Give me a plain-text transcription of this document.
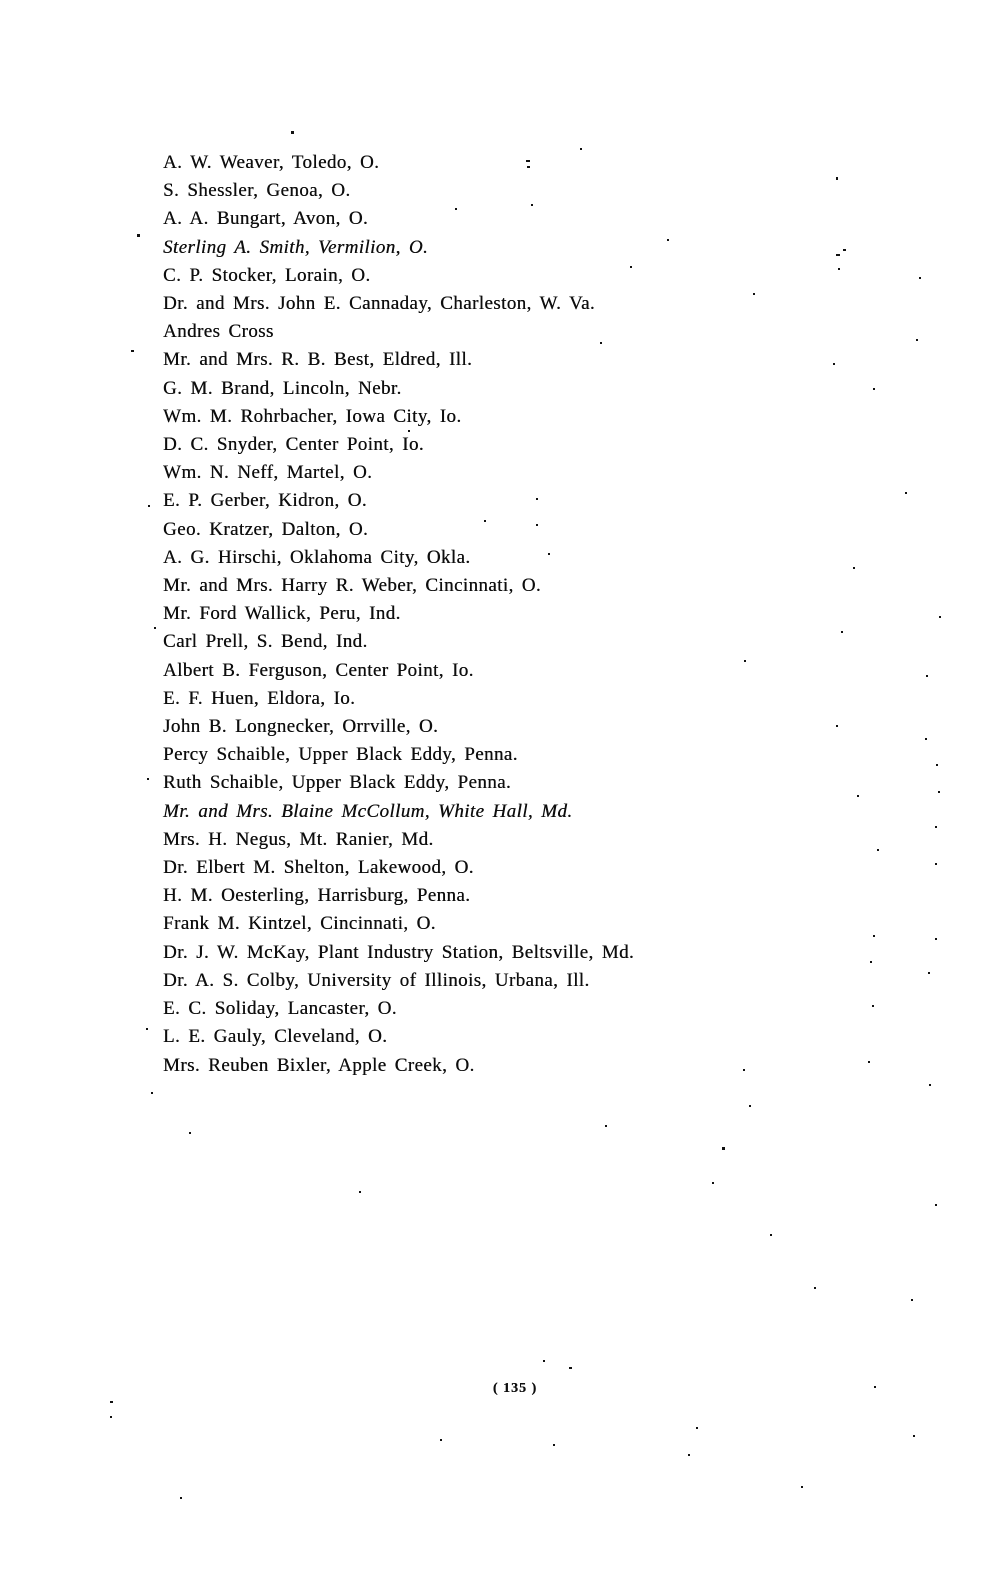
A. W. Weaver, Toledo, O.
S. Shessler, Genoa, O.
A. A. Bungart, Avon, O.
Sterling A. Smith, Vermilion, O.
C. P. Stocker, Lorain, O.
Dr. and Mrs. John E. Cannaday, Charleston, W. Va.
Andres Cross
Mr. and Mrs. R. B. Best, Eldred, Ill.
G. M. Brand, Lincoln, Nebr.
Wm. M. Rohrbacher, Iowa City, Io.
D. C. Snyder, Center Point, Io.
Wm. N. Neff, Martel, O.
E. P. Gerber, Kidron, O.
Geo. Kratzer, Dalton, O.
A. G. Hirschi, Oklahoma City, Okla.
Mr. and Mrs. Harry R. Weber, Cincinnati, O.
Mr. Ford Wallick, Peru, Ind.
Carl Prell, S. Bend, Ind.
Albert B. Ferguson, Center Point, Io.
E. F. Huen, Eldora, Io.
John B. Longnecker, Orrville, O.
Percy Schaible, Upper Black Eddy, Penna.
Ruth Schaible, Upper Black Eddy, Penna.
Mr. and Mrs. Blaine McCollum, White Hall, Md.
Mrs. H. Negus, Mt. Ranier, Md.
Dr. Elbert M. Shelton, Lakewood, O.
H. M. Oesterling, Harrisburg, Penna.
Frank M. Kintzel, Cincinnati, O.
Dr. J. W. McKay, Plant Industry Station, Beltsville, Md.
Dr. A. S. Colby, University of Illinois, Urbana, Ill.
E. C. Soliday, Lancaster, O.
L. E. Gauly, Cleveland, O.
Mrs. Reuben Bixler, Apple Creek, O.
( 135 )
